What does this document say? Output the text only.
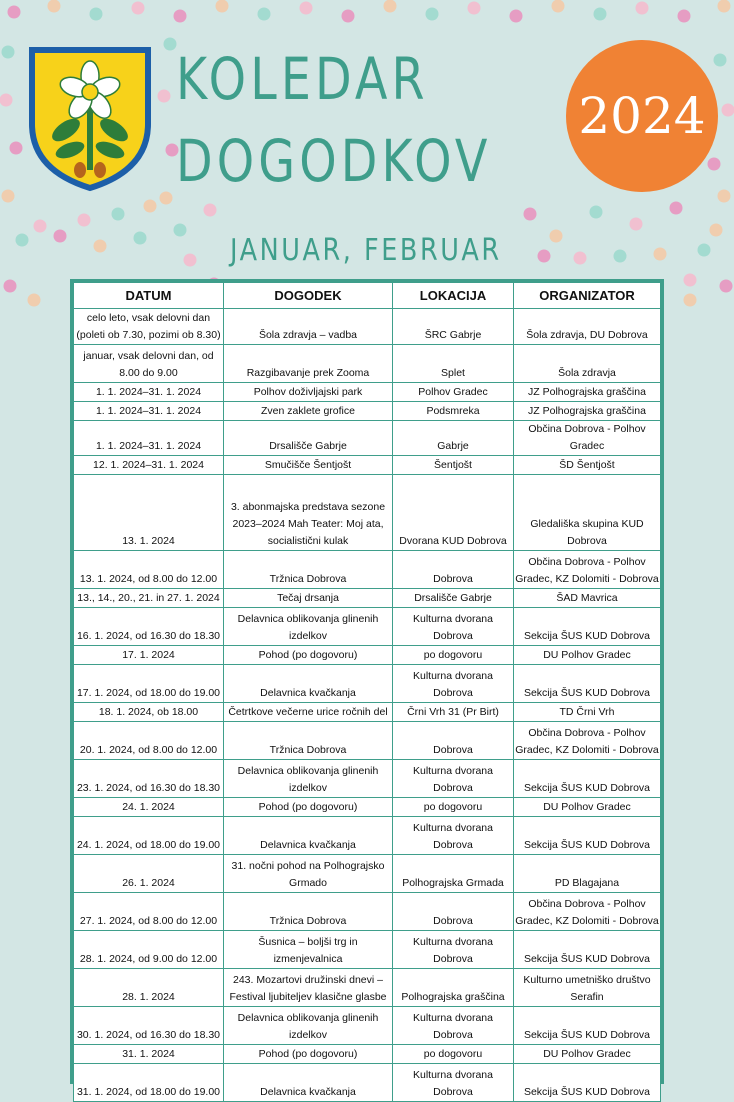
KOLEDAR
DOGODKOV
2024
JANUAR, FEBRUAR
DATUM	DOGODEK	LOKACIJA	ORGANIZATOR
celo leto, vsak delovni dan (poleti ob 7.30, pozimi ob 8.30)	Šola zdravja – vadba	ŠRC Gabrje	Šola zdravja, DU Dobrova
januar, vsak delovni dan, od 8.00 do 9.00	Razgibavanje prek Zooma	Splet	Šola zdravja
1. 1. 2024–31. 1. 2024	Polhov doživljajski park	Polhov Gradec	JZ Polhograjska graščina
1. 1. 2024–31. 1. 2024	Zven zaklete grofice	Podsmreka	JZ Polhograjska graščina
1. 1. 2024–31. 1. 2024	Drsališče Gabrje	Gabrje	Občina Dobrova - Polhov Gradec
12. 1. 2024–31. 1. 2024	Smučišče Šentjošt	Šentjošt	ŠD Šentjošt
13. 1. 2024	3. abonmajska predstava sezone 2023–2024 Mah Teater: Moj ata, socialistični kulak	Dvorana KUD Dobrova	Gledališka skupina KUD Dobrova
13. 1. 2024, od 8.00 do 12.00	Tržnica Dobrova	Dobrova	Občina Dobrova - Polhov Gradec, KZ Dolomiti - Dobrova
13., 14., 20., 21. in 27. 1. 2024	Tečaj drsanja	Drsališče Gabrje	ŠAD Mavrica
16. 1. 2024, od 16.30 do 18.30	Delavnica oblikovanja glinenih izdelkov	Kulturna dvorana Dobrova	Sekcija ŠUS KUD Dobrova
17. 1. 2024	Pohod (po dogovoru)	po dogovoru	DU Polhov Gradec
17. 1. 2024, od 18.00 do 19.00	Delavnica kvačkanja	Kulturna dvorana Dobrova	Sekcija ŠUS KUD Dobrova
18. 1. 2024, ob 18.00	Četrtkove večerne urice ročnih del	Črni Vrh 31 (Pr Birt)	TD Črni Vrh
20. 1. 2024, od 8.00 do 12.00	Tržnica Dobrova	Dobrova	Občina Dobrova - Polhov Gradec, KZ Dolomiti - Dobrova
23. 1. 2024, od 16.30 do 18.30	Delavnica oblikovanja glinenih izdelkov	Kulturna dvorana Dobrova	Sekcija ŠUS KUD Dobrova
24. 1. 2024	Pohod (po dogovoru)	po dogovoru	DU Polhov Gradec
24. 1. 2024, od 18.00 do 19.00	Delavnica kvačkanja	Kulturna dvorana Dobrova	Sekcija ŠUS KUD Dobrova
26. 1. 2024	31. nočni pohod na Polhograjsko Grmado	Polhograjska Grmada	PD Blagajana
27. 1. 2024, od 8.00 do 12.00	Tržnica Dobrova	Dobrova	Občina Dobrova - Polhov Gradec, KZ Dolomiti - Dobrova
28. 1. 2024, od 9.00 do 12.00	Šusnica – boljši trg in izmenjevalnica	Kulturna dvorana Dobrova	Sekcija ŠUS KUD Dobrova
28. 1. 2024	243. Mozartovi družinski dnevi – Festival ljubiteljev klasične glasbe	Polhograjska graščina	Kulturno umetniško društvo Serafin
30. 1. 2024, od 16.30 do 18.30	Delavnica oblikovanja glinenih izdelkov	Kulturna dvorana Dobrova	Sekcija ŠUS KUD Dobrova
31. 1. 2024	Pohod (po dogovoru)	po dogovoru	DU Polhov Gradec
31. 1. 2024, od 18.00 do 19.00	Delavnica kvačkanja	Kulturna dvorana Dobrova	Sekcija ŠUS KUD Dobrova
